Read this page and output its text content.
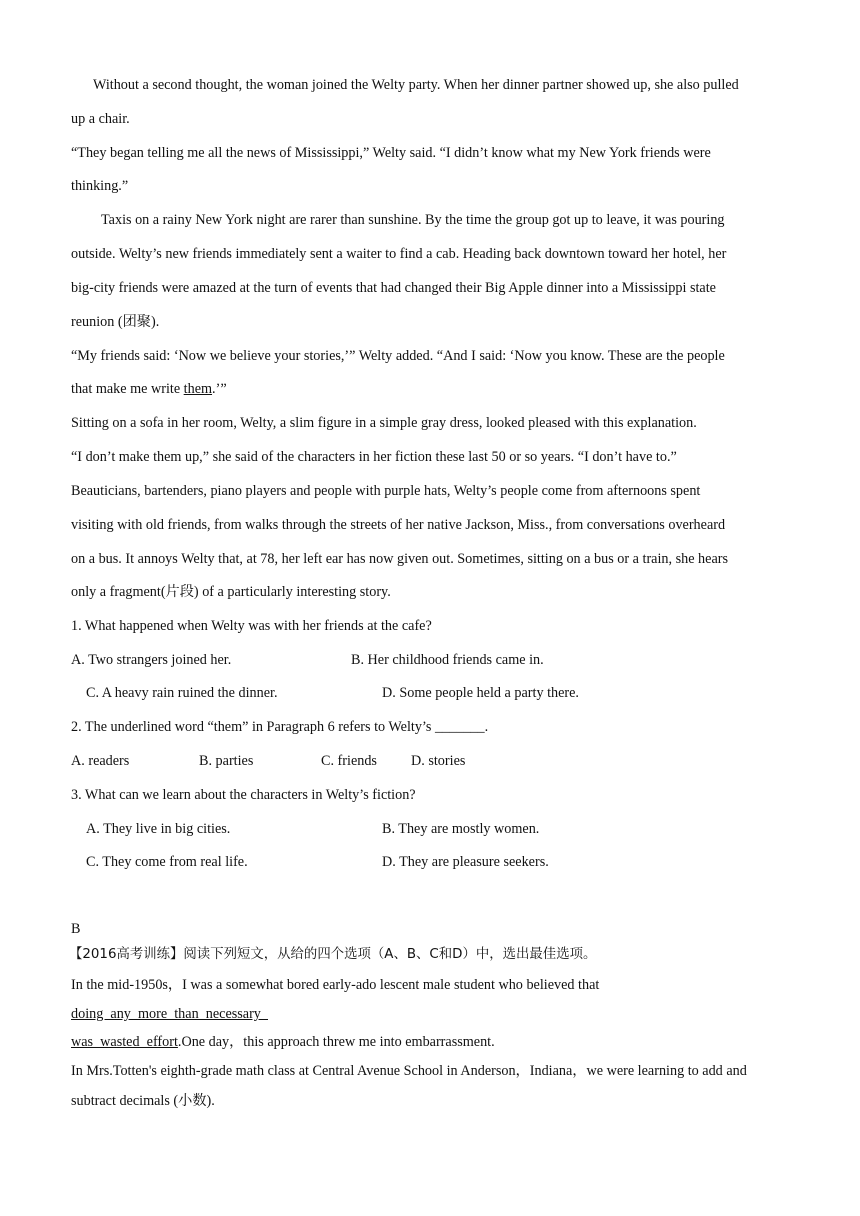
Without a second thought, the woman joined the Welty party. When her dinner partner showed up, she also pulled
up a chair.
“They began telling me all the news of Mississippi,” Welty said. “I didn’t know what my New York friends were
thinking.”
Taxis on a rainy New York night are rarer than sunshine. By the time the group got up to leave, it was pouring
outside. Welty’s new friends immediately sent a waiter to find a cab. Heading back downtown toward her hotel, her
big-city friends were amazed at the turn of events that had changed their Big Apple dinner into a Mississippi state
reunion (团聚).
“My friends said: ‘Now we believe your stories,’” Welty added. “And I said: ‘Now you know. These are the people
that make me write them.’”
Sitting on a sofa in her room, Welty, a slim figure in a simple gray dress, looked pleased with this explanation.
“I don’t make them up,” she said of the characters in her fiction these last 50 or so years. “I don’t have to.”
Beauticians, bartenders, piano players and people with purple hats, Welty’s people come from afternoons spent
visiting with old friends, from walks through the streets of her native Jackson, Miss., from conversations overheard
on a bus. It annoys Welty that, at 78, her left ear has now given out. Sometimes, sitting on a bus or a train, she hears
only a fragment(片段) of a particularly interesting story.
1. What happened when Welty was with her friends at the cafe?
A. Two strangers joined her.	B. Her childhood friends came in.
C. A heavy rain ruined the dinner.	D. Some people held a party there.
2. The underlined word “them” in Paragraph 6 refers to Welty’s _______.
A. readers	B. parties	C. friends D. stories
3. What can we learn about the characters in Welty’s fiction?
A. They live in big cities.	B. They are mostly women.
C. They come from real life.	D. They are pleasure seekers.
B
【2016高考训练】阅读下列短文，从给的四个选项（A、B、C和D）中，选出最佳选项。
In the mid-1950s，I was a somewhat bored early-ado lescent male student who believed that
doing  any  more  than  necessary
was  wasted  effort.One day，this approach threw me into embarrassment.
In Mrs.Totten's eighth-grade math class at Central Avenue School in Anderson，Indiana，we were learning to add and
subtract decimals (小数).
